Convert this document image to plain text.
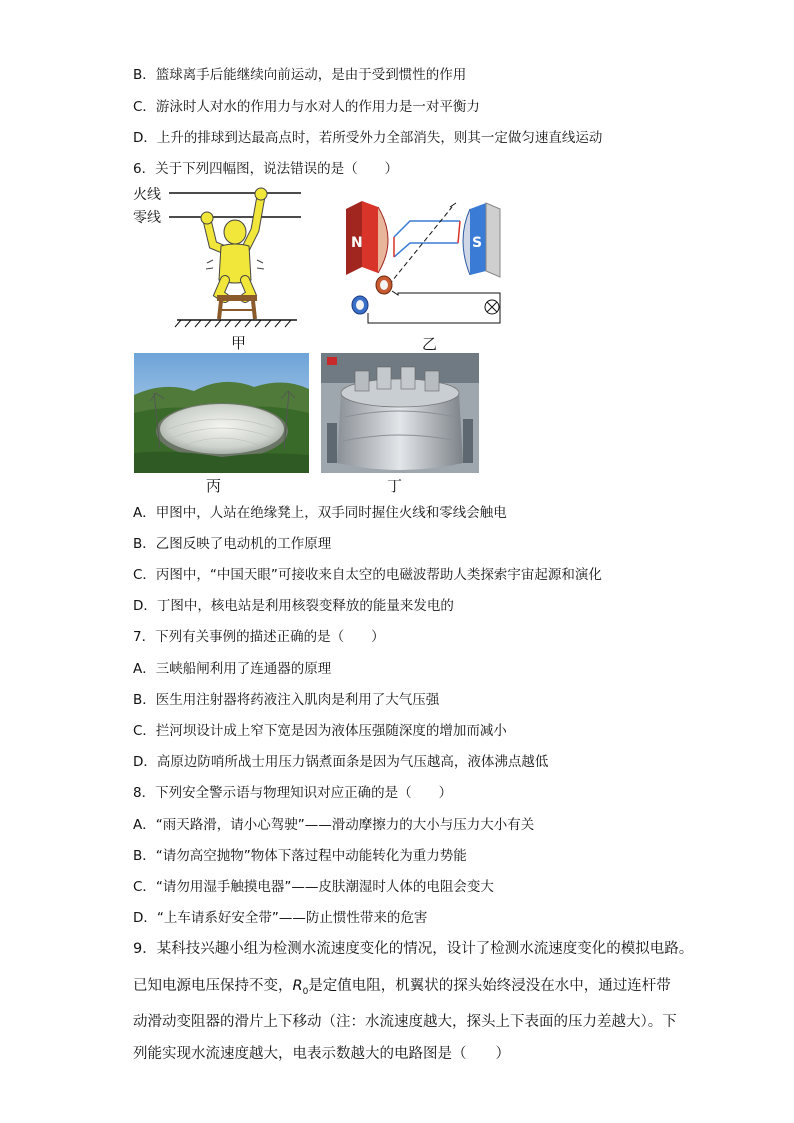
B．篮球离手后能继续向前运动，是由于受到惯性的作用

C．游泳时人对水的作用力与水对人的作用力是一对平衡力

D．上升的排球到达最高点时，若所受外力全部消失，则其一定做匀速直线运动

6．关于下列四幅图，说法错误的是（　　）

火线
零线
甲
N	S
乙
丙	丁

A．甲图中，人站在绝缘凳上，双手同时握住火线和零线会触电

B．乙图反映了电动机的工作原理

C．丙图中，“中国天眼”可接收来自太空的电磁波帮助人类探索宇宙起源和演化

D．丁图中，核电站是利用核裂变释放的能量来发电的

7．下列有关事例的描述正确的是（　　）

A．三峡船闸利用了连通器的原理

B．医生用注射器将药液注入肌肉是利用了大气压强

C．拦河坝设计成上窄下宽是因为液体压强随深度的增加而减小

D．高原边防哨所战士用压力锅煮面条是因为气压越高，液体沸点越低

8．下列安全警示语与物理知识对应正确的是（　　）

A．“雨天路滑，请小心驾驶”——滑动摩擦力的大小与压力大小有关

B．“请勿高空抛物”物体下落过程中动能转化为重力势能

C．“请勿用湿手触摸电器”——皮肤潮湿时人体的电阻会变大

D．“上车请系好安全带”——防止惯性带来的危害

9．某科技兴趣小组为检测水流速度变化的情况，设计了检测水流速度变化的模拟电路。

已知电源电压保持不变，$R_0$是定值电阻，机翼状的探头始终浸没在水中，通过连杆带

动滑动变阻器的滑片上下移动（注：水流速度越大，探头上下表面的压力差越大）。下

列能实现水流速度越大，电表示数越大的电路图是（　　）
